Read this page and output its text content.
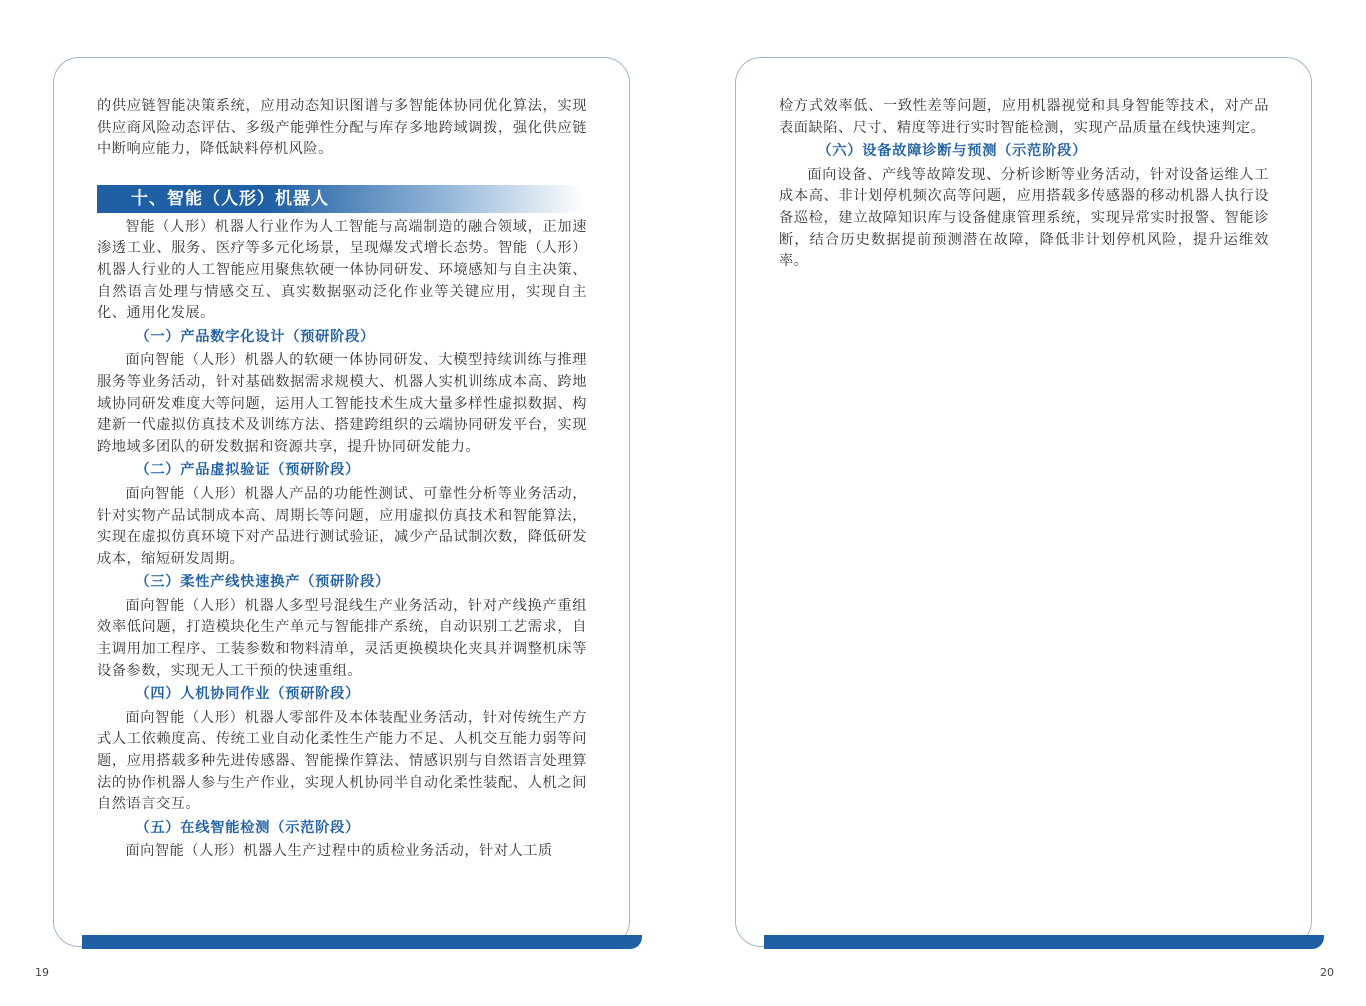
的供应链智能决策系统，应用动态知识图谱与多智能体协同优化算法，实现供应商风险动态评估、多级产能弹性分配与库存多地跨域调拨，强化供应链中断响应能力，降低缺料停机风险。

十、智能（人形）机器人

智能（人形）机器人行业作为人工智能与高端制造的融合领域，正加速渗透工业、服务、医疗等多元化场景，呈现爆发式增长态势。智能（人形）机器人行业的人工智能应用聚焦软硬一体协同研发、环境感知与自主决策、自然语言处理与情感交互、真实数据驱动泛化作业等关键应用，实现自主化、通用化发展。

（一）产品数字化设计（预研阶段）

面向智能（人形）机器人的软硬一体协同研发、大模型持续训练与推理服务等业务活动，针对基础数据需求规模大、机器人实机训练成本高、跨地域协同研发难度大等问题，运用人工智能技术生成大量多样性虚拟数据、构建新一代虚拟仿真技术及训练方法、搭建跨组织的云端协同研发平台，实现跨地域多团队的研发数据和资源共享，提升协同研发能力。

（二）产品虚拟验证（预研阶段）

面向智能（人形）机器人产品的功能性测试、可靠性分析等业务活动，针对实物产品试制成本高、周期长等问题，应用虚拟仿真技术和智能算法，实现在虚拟仿真环境下对产品进行测试验证，减少产品试制次数，降低研发成本，缩短研发周期。

（三）柔性产线快速换产（预研阶段）

面向智能（人形）机器人多型号混线生产业务活动，针对产线换产重组效率低问题，打造模块化生产单元与智能排产系统，自动识别工艺需求，自主调用加工程序、工装参数和物料清单，灵活更换模块化夹具并调整机床等设备参数，实现无人工干预的快速重组。

（四）人机协同作业（预研阶段）

面向智能（人形）机器人零部件及本体装配业务活动，针对传统生产方式人工依赖度高、传统工业自动化柔性生产能力不足、人机交互能力弱等问题，应用搭载多种先进传感器、智能操作算法、情感识别与自然语言处理算法的协作机器人参与生产作业，实现人机协同半自动化柔性装配、人机之间自然语言交互。

（五）在线智能检测（示范阶段）

面向智能（人形）机器人生产过程中的质检业务活动，针对人工质

检方式效率低、一致性差等问题，应用机器视觉和具身智能等技术，对产品表面缺陷、尺寸、精度等进行实时智能检测，实现产品质量在线快速判定。

（六）设备故障诊断与预测（示范阶段）

面向设备、产线等故障发现、分析诊断等业务活动，针对设备运维人工成本高、非计划停机频次高等问题，应用搭载多传感器的移动机器人执行设备巡检，建立故障知识库与设备健康管理系统，实现异常实时报警、智能诊断，结合历史数据提前预测潜在故障，降低非计划停机风险，提升运维效率。

19	20
